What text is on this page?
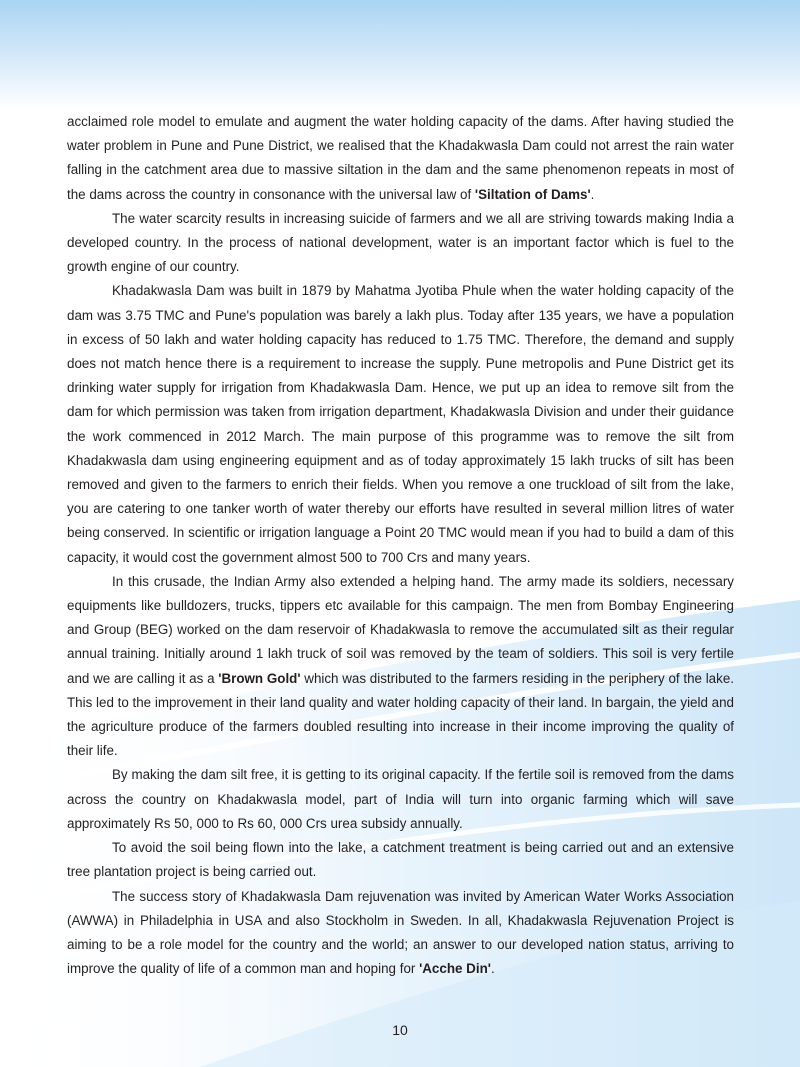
acclaimed role model to emulate and augment the water holding capacity of the dams. After having studied the water problem in Pune and Pune District, we realised that the Khadakwasla Dam could not arrest the rain water falling in the catchment area due to massive siltation in the dam and the same phenomenon repeats in most of the dams across the country in consonance with the universal law of 'Siltation of Dams'.

The water scarcity results in increasing suicide of farmers and we all are striving towards making India a developed country. In the process of national development, water is an important factor which is fuel to the growth engine of our country.

Khadakwasla Dam was built in 1879 by Mahatma Jyotiba Phule when the water holding capacity of the dam was 3.75 TMC and Pune's population was barely a lakh plus. Today after 135 years, we have a population in excess of 50 lakh and water holding capacity has reduced to 1.75 TMC. Therefore, the demand and supply does not match hence there is a requirement to increase the supply. Pune metropolis and Pune District get its drinking water supply for irrigation from Khadakwasla Dam. Hence, we put up an idea to remove silt from the dam for which permission was taken from irrigation department, Khadakwasla Division and under their guidance the work commenced in 2012 March. The main purpose of this programme was to remove the silt from Khadakwasla dam using engineering equipment and as of today approximately 15 lakh trucks of silt has been removed and given to the farmers to enrich their fields. When you remove a one truckload of silt from the lake, you are catering to one tanker worth of water thereby our efforts have resulted in several million litres of water being conserved. In scientific or irrigation language a Point 20 TMC would mean if you had to build a dam of this capacity, it would cost the government almost 500 to 700 Crs and many years.

In this crusade, the Indian Army also extended a helping hand. The army made its soldiers, necessary equipments like bulldozers, trucks, tippers etc available for this campaign. The men from Bombay Engineering and Group (BEG) worked on the dam reservoir of Khadakwasla to remove the accumulated silt as their regular annual training. Initially around 1 lakh truck of soil was removed by the team of soldiers. This soil is very fertile and we are calling it as a 'Brown Gold' which was distributed to the farmers residing in the periphery of the lake. This led to the improvement in their land quality and water holding capacity of their land. In bargain, the yield and the agriculture produce of the farmers doubled resulting into increase in their income improving the quality of their life.

By making the dam silt free, it is getting to its original capacity. If the fertile soil is removed from the dams across the country on Khadakwasla model, part of India will turn into organic farming which will save approximately Rs 50, 000 to Rs 60, 000 Crs urea subsidy annually.

To avoid the soil being flown into the lake, a catchment treatment is being carried out and an extensive tree plantation project is being carried out.

The success story of Khadakwasla Dam rejuvenation was invited by American Water Works Association (AWWA) in Philadelphia in USA and also Stockholm in Sweden. In all, Khadakwasla Rejuvenation Project is aiming to be a role model for the country and the world; an answer to our developed nation status, arriving to improve the quality of life of a common man and hoping for 'Acche Din'.

10
